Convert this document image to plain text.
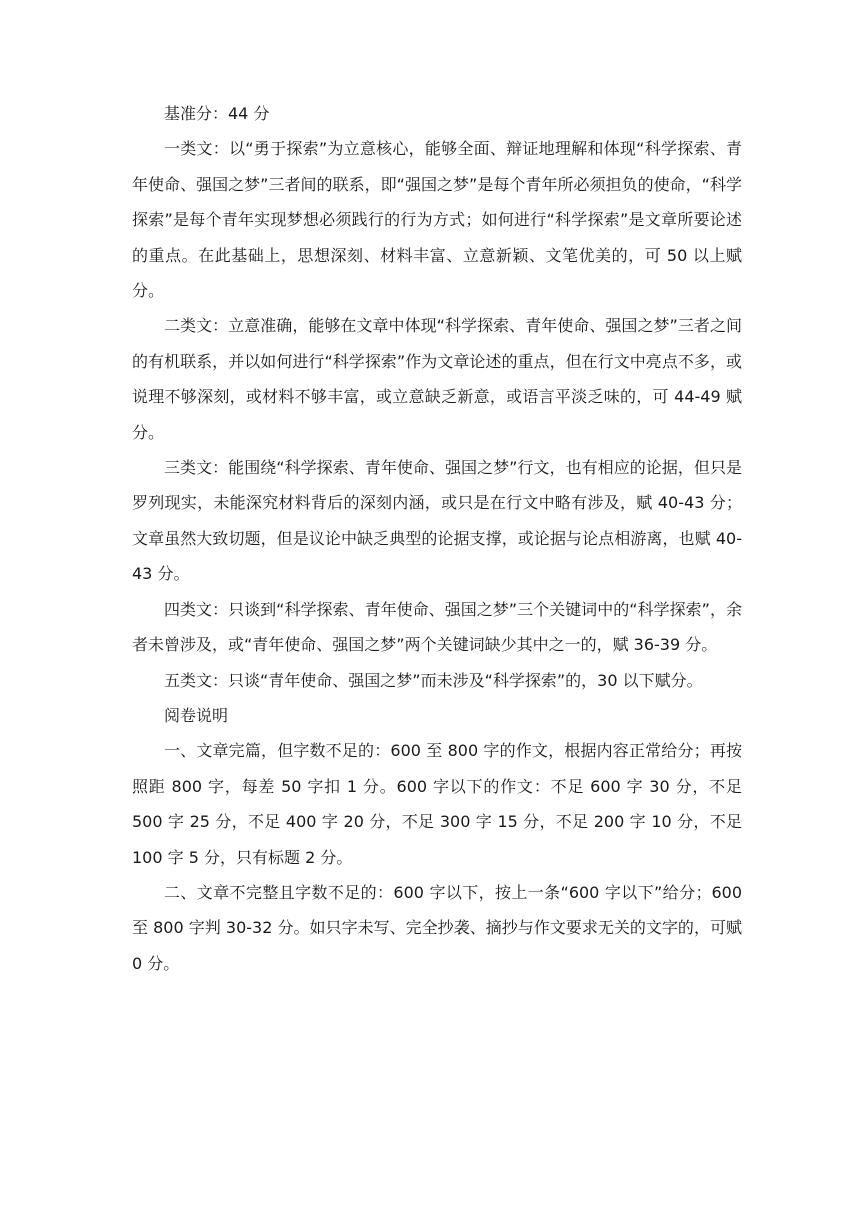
基准分：44 分

一类文：以“勇于探索”为立意核心，能够全面、辩证地理解和体现“科学探索、青年使命、强国之梦”三者间的联系，即“强国之梦”是每个青年所必须担负的使命，“科学探索”是每个青年实现梦想必须践行的行为方式；如何进行“科学探索”是文章所要论述的重点。在此基础上，思想深刻、材料丰富、立意新颖、文笔优美的，可 50 以上赋分。

二类文：立意准确，能够在文章中体现“科学探索、青年使命、强国之梦”三者之间的有机联系，并以如何进行“科学探索”作为文章论述的重点，但在行文中亮点不多，或说理不够深刻，或材料不够丰富，或立意缺乏新意，或语言平淡乏味的，可 44-49 赋分。

三类文：能围绕“科学探索、青年使命、强国之梦”行文，也有相应的论据，但只是罗列现实，未能深究材料背后的深刻内涵，或只是在行文中略有涉及，赋 40-43 分；文章虽然大致切题，但是议论中缺乏典型的论据支撑，或论据与论点相游离，也赋 40-43 分。

四类文：只谈到“科学探索、青年使命、强国之梦”三个关键词中的“科学探索”，余者未曾涉及，或“青年使命、强国之梦”两个关键词缺少其中之一的，赋 36-39 分。

五类文：只谈“青年使命、强国之梦”而未涉及“科学探索”的，30 以下赋分。

阅卷说明

一、文章完篇，但字数不足的：600 至 800 字的作文，根据内容正常给分；再按照距 800 字，每差 50 字扣 1 分。600 字以下的作文：不足 600 字 30 分，不足 500 字 25 分，不足 400 字 20 分，不足 300 字 15 分，不足 200 字 10 分，不足 100 字 5 分，只有标题 2 分。

二、文章不完整且字数不足的：600 字以下，按上一条“600 字以下”给分；600 至 800 字判 30-32 分。如只字未写、完全抄袭、摘抄与作文要求无关的文字的，可赋 0 分。
